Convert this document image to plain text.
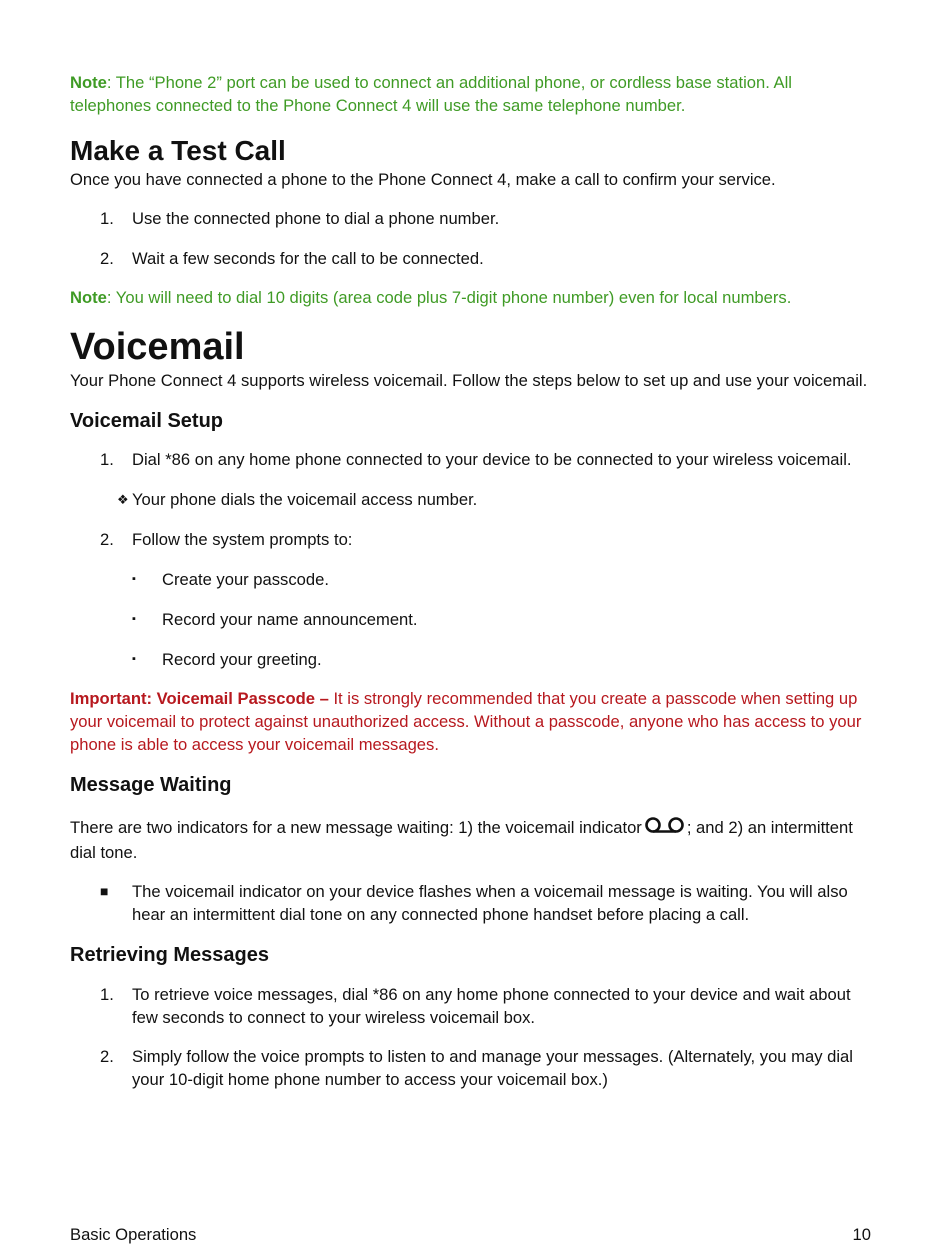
Note: The “Phone 2” port can be used to connect an additional phone, or cordless base station. All telephones connected to the Phone Connect 4 will use the same telephone number.

Make a Test Call

Once you have connected a phone to the Phone Connect 4, make a call to confirm your service.

1. Use the connected phone to dial a phone number.
2. Wait a few seconds for the call to be connected.

Note: You will need to dial 10 digits (area code plus 7-digit phone number) even for local numbers.

Voicemail

Your Phone Connect 4 supports wireless voicemail. Follow the steps below to set up and use your voicemail.

Voicemail Setup
1. Dial *86 on any home phone connected to your device to be connected to your wireless voicemail.
❖ Your phone dials the voicemail access number.
2. Follow the system prompts to:
▪ Create your passcode.
▪ Record your name announcement.
▪ Record your greeting.

Important: Voicemail Passcode – It is strongly recommended that you create a passcode when setting up your voicemail to protect against unauthorized access. Without a passcode, anyone who has access to your phone is able to access your voicemail messages.

Message Waiting

There are two indicators for a new message waiting: 1) the voicemail indicator	; and 2) an intermittent dial tone.

■ The voicemail indicator on your device flashes when a voicemail message is waiting. You will also hear an intermittent dial tone on any connected phone handset before placing a call.
Retrieving Messages
1. To retrieve voice messages, dial *86 on any home phone connected to your device and wait about few seconds to connect to your wireless voicemail box.
2. Simply follow the voice prompts to listen to and manage your messages. (Alternately, you may dial your 10-digit home phone number to access your voicemail box.)
Basic Operations	10
